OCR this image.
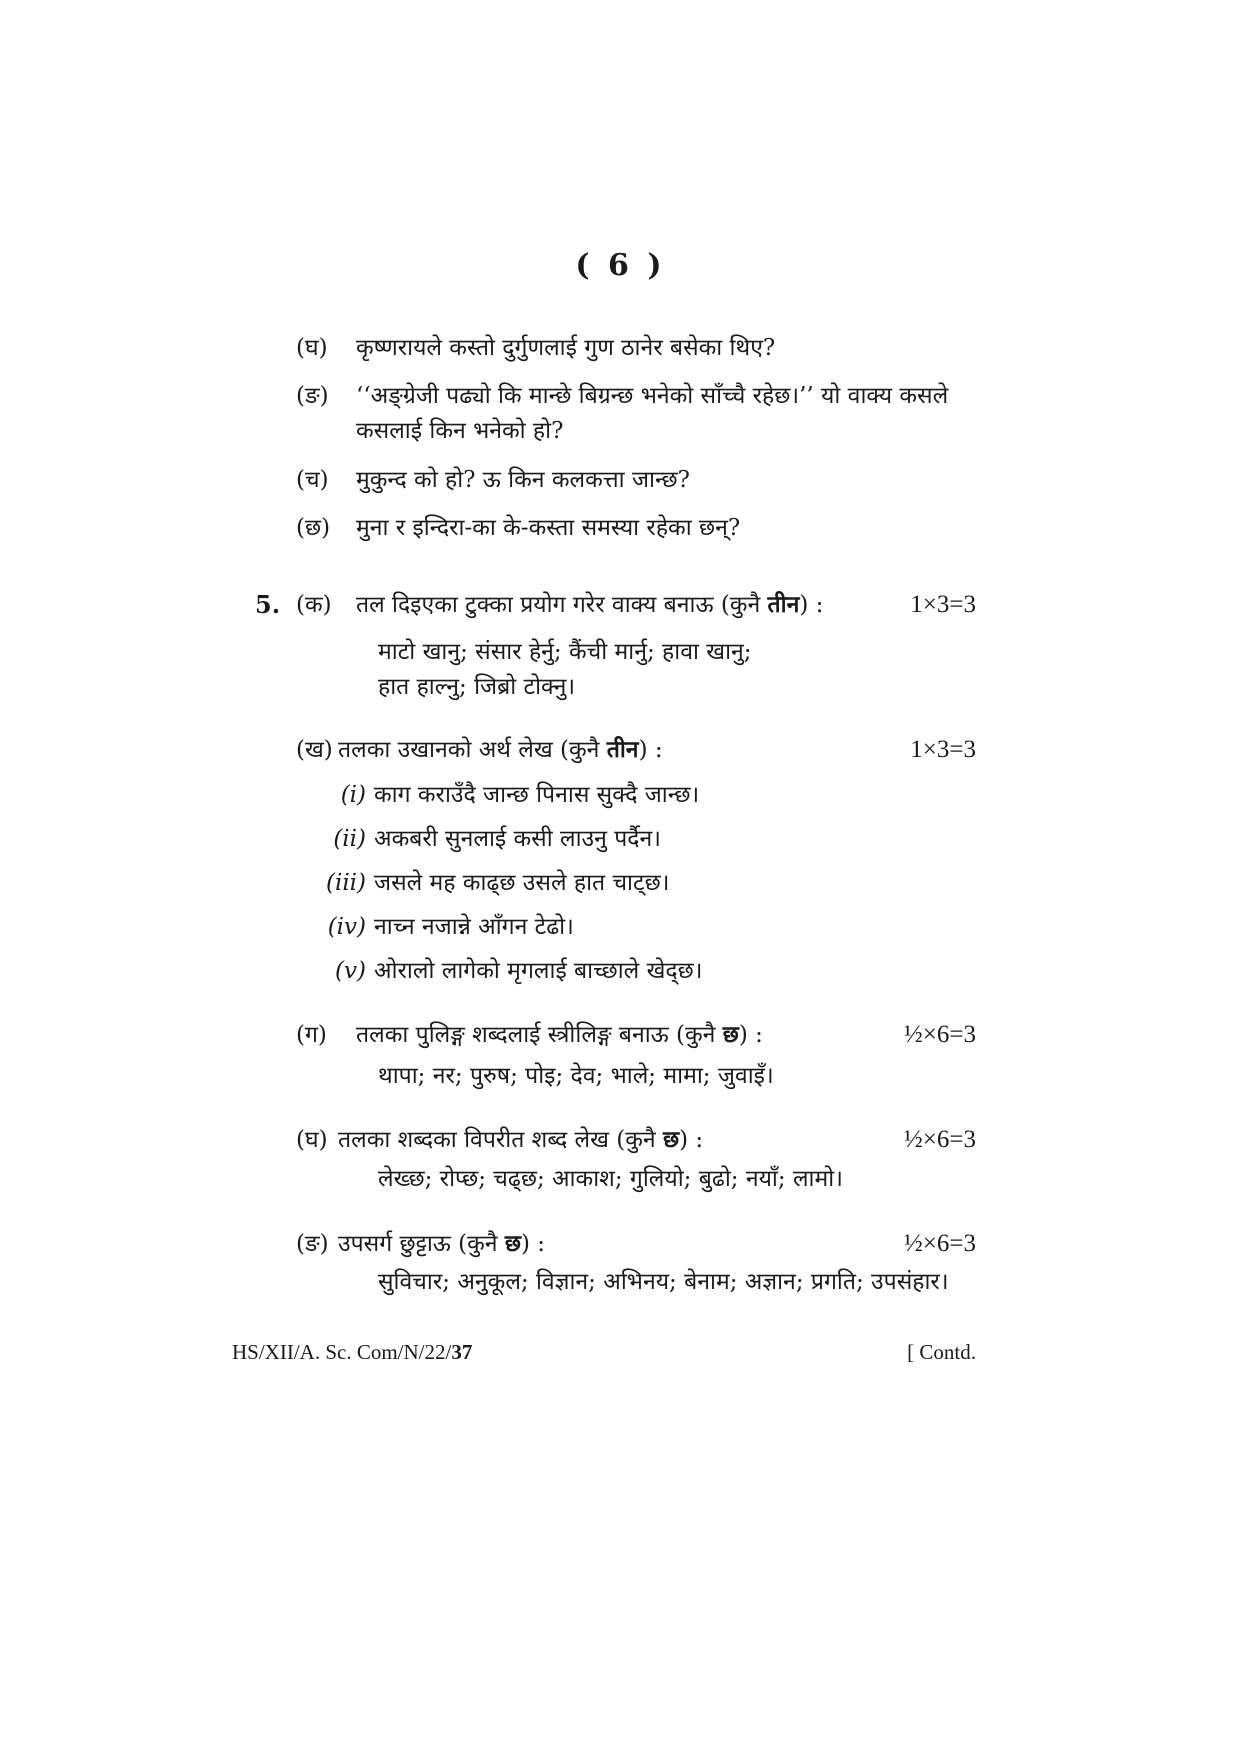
( 6 )
(घ) कृष्णरायले कस्तो दुर्गुणलाई गुण ठानेर बसेका थिए?
(ङ) ‘‘अङ्ग्रेजी पढ्यो कि मान्छे बिग्रन्छ भनेको साँच्चै रहेछ।’’ यो वाक्य कसले
कसलाई किन भनेको हो?
(च) मुकुन्द को हो? ऊ किन कलकत्ता जान्छ?
(छ) मुना र इन्दिरा-का के-कस्ता समस्या रहेका छन्?
5. (क) तल दिइएका टुक्का प्रयोग गरेर वाक्य बनाऊ (कुनै तीन) :	1×3=3
माटो खानु; संसार हेर्नु; कैंची मार्नु; हावा खानु;
हात हाल्नु; जिब्रो टोक्नु।
(ख) तलका उखानको अर्थ लेख (कुनै तीन) :	1×3=3
(i) काग कराउँदै जान्छ पिनास सुक्दै जान्छ।
(ii) अकबरी सुनलाई कसी लाउनु पर्दैन।
(iii) जसले मह काढ्छ उसले हात चाट्छ।
(iv) नाच्न नजान्ने आँगन टेढो।
(v) ओरालो लागेको मृगलाई बाच्छाले खेद्छ।
(ग) तलका पुलिङ्ग शब्दलाई स्त्रीलिङ्ग बनाऊ (कुनै छ) :	½×6=3
थापा; नर; पुरुष; पोइ; देव; भाले; मामा; जुवाइँ।
(घ) तलका शब्दका विपरीत शब्द लेख (कुनै छ) :	½×6=3
लेख्छ; रोप्छ; चढ्छ; आकाश; गुलियो; बुढो; नयाँ; लामो।
(ङ) उपसर्ग छुट्टाऊ (कुनै छ) :	½×6=3
सुविचार; अनुकूल; विज्ञान; अभिनय; बेनाम; अज्ञान; प्रगति; उपसंहार।
HS/XII/A. Sc. Com/N/22/37	[ Contd.
